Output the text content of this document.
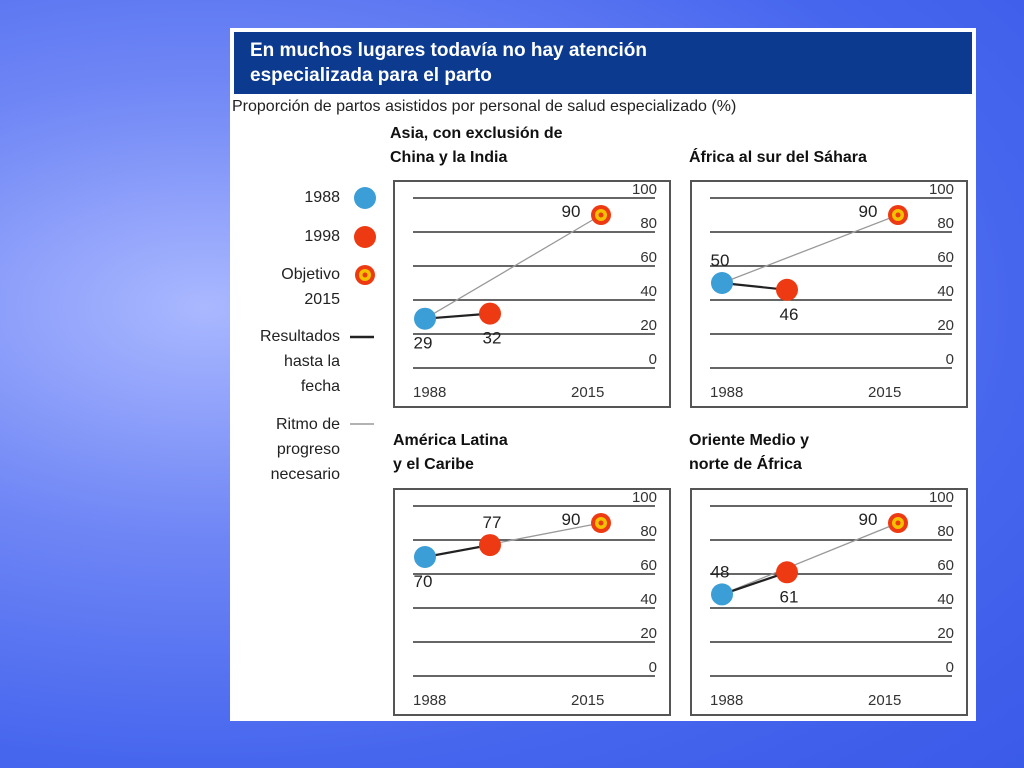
En muchos lugares todavía no hay atención
especializada para el parto
Proporción de partos asistidos por personal de salud especializado (%)
1988
1998
Objetivo
2015
Resultados
hasta la
fecha
Ritmo de
progreso
necesario
Asia, con exclusión de
China y la India
100
80
60
40
20
0
1988	2015
29	32
90
África al sur del Sáhara
100
80
60
40
20
0
1988	2015
50
46
90
América Latina
y el Caribe
100
80
60
40
20
0
1988	2015
70
77	90
Oriente Medio y
norte de África
100
80
60
40
20
0
1988	2015
48
61
90
